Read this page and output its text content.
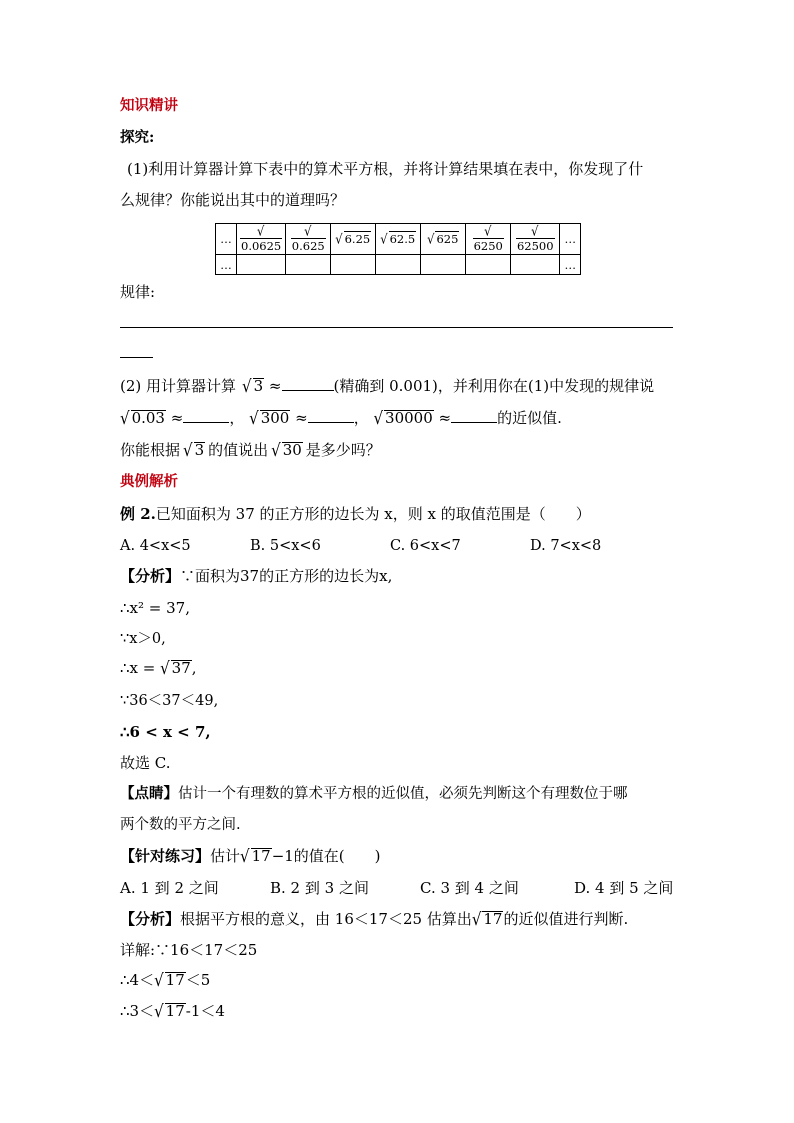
知识精讲
探究:
(1)利用计算器计算下表中的算术平方根，并将计算结果填在表中，你发现了什
么规律？你能说出其中的道理吗？
…	√0.0625	√0.625	√ 6.25	√ 62.5	√ 625	√6250	√62500	…
…								…
规律:
(2) 用计算器计算 √ 3 ≈	(精确到 0.001)，并利用你在(1)中发现的规律说
√ 0.03 ≈	， √ 300 ≈	， √ 30000 ≈	的近似值.
你能根据 √ 3 的值说出 √ 30 是多少吗？
典例解析
例 2.已知面积为 37 的正方形的边长为 x，则 x 的取值范围是（　　）
A. 4<x<5	B. 5<x<6	C. 6<x<7	D. 7<x<8
【分析】∵面积为37的正方形的边长为x,
∴x² = 37,
∵x＞0,
∴x = √ 37,
∵36＜37＜49,
∴6 < x < 7,
故选 C.
【点睛】估计一个有理数的算术平方根的近似值，必须先判断这个有理数位于哪
两个数的平方之间.
【针对练习】估计√ 17−1的值在(　　)
A. 1 到 2 之间	B. 2 到 3 之间	C. 3 到 4 之间	D. 4 到 5 之间
【分析】根据平方根的意义，由 16＜17＜25 估算出√ 17的近似值进行判断.
详解:∵16＜17＜25
∴4＜√ 17＜5
∴3＜√ 17-1＜4
